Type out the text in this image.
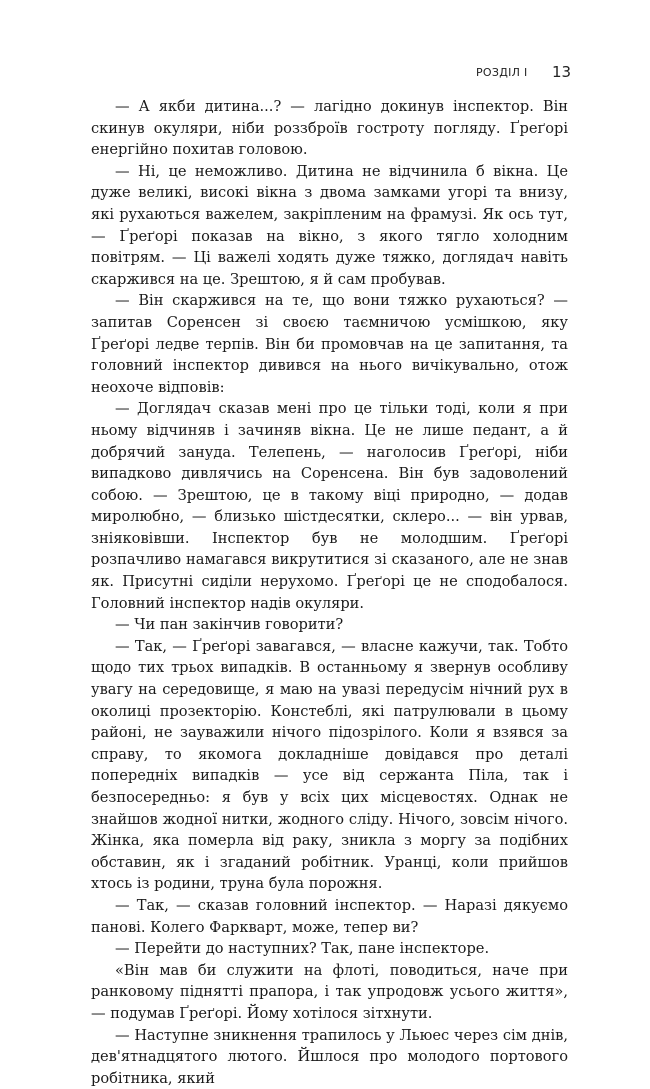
РОЗДІЛ І 13

— А якби дитина...? — лагідно докинув інспектор. Він скинув окуляри, ніби роззброїв гостроту погляду. Ґреґорі енергійно похитав головою.

— Ні, це неможливо. Дитина не відчинила б вікна. Це дуже великі, високі вікна з двома замками угорі та внизу, які рухаються важелем, закріпленим на фрамузі. Як ось тут, — Ґреґорі показав на вікно, з якого тягло холодним повітрям. — Ці важелі ходять дуже тяжко, доглядач навіть скаржився на це. Зрештою, я й сам пробував.

— Він скаржився на те, що вони тяжко рухаються? — запитав Соренсен зі своєю таємничою усмішкою, яку Ґреґорі ледве терпів. Він би промовчав на це запитання, та головний інспектор дивився на нього вичікувально, отож неохоче відповів:

— Доглядач сказав мені про це тільки тоді, коли я при ньому відчиняв і зачиняв вікна. Це не лише педант, а й добрячий зануда. Телепень, — наголосив Ґреґорі, ніби випадково дивлячись на Соренсена. Він був задоволений собою. — Зрештою, це в такому віці природно, — додав миролюбно, — близько шістдесятки, склеро... — він урвав, зніяковівши. Інспектор був не молодшим. Ґреґорі розпачливо намагався викрутитися зі сказаного, але не знав як. Присутні сиділи нерухомо. Ґреґорі це не сподобалося. Головний інспектор надів окуляри.

— Чи пан закінчив говорити?

— Так, — Ґреґорі завагався, — власне кажучи, так. Тобто щодо тих трьох випадків. В останньому я звернув особливу увагу на середовище, я маю на увазі передусім нічний рух в околиці прозекторію. Констеблі, які патрулювали в цьому районі, не зауважили нічого підозрілого. Коли я взявся за справу, то якомога докладніше довідався про деталі попередніх випадків — усе від сержанта Піла, так і безпосередньо: я був у всіх цих місцевостях. Однак не знайшов жодної нитки, жодного сліду. Нічого, зовсім нічого. Жінка, яка померла від раку, зникла з моргу за подібних обставин, як і згаданий робітник. Уранці, коли прийшов хтось із родини, труна була порожня.

— Так, — сказав головний інспектор. — Наразі дякуємо панові. Колего Фаркварт, може, тепер ви?

— Перейти до наступних? Так, пане інспекторе.

«Він мав би служити на флоті, поводиться, наче при ранковому піднятті прапора, і так упродовж усього життя», — подумав Ґреґорі. Йому хотілося зітхнути.

— Наступне зникнення трапилось у Льюес через сім днів, дев'ятнадцятого лютого. Йшлося про молодого портового робітника, який
